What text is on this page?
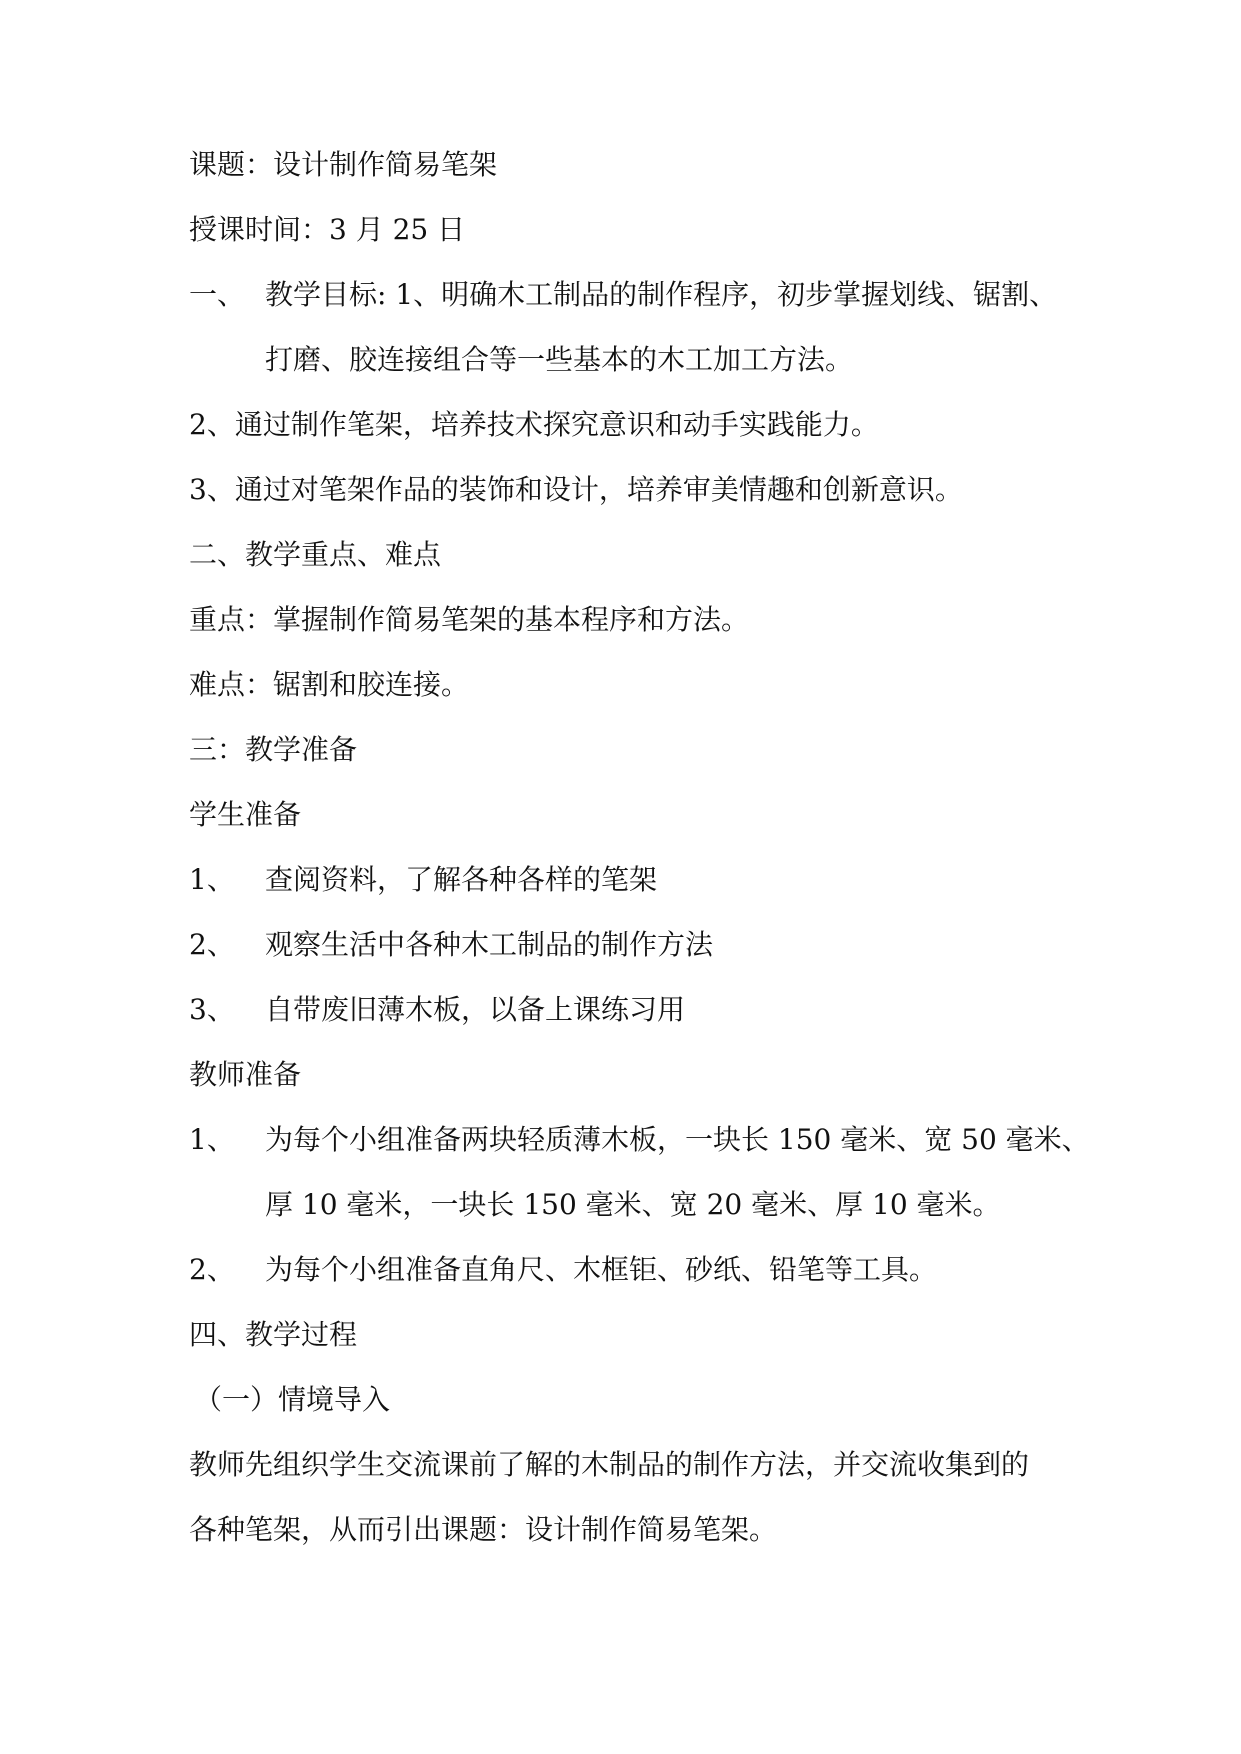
课题：设计制作简易笔架
授课时间：3 月 25 日
一、 教学目标: 1、明确木工制品的制作程序，初步掌握划线、锯割、
打磨、胶连接组合等一些基本的木工加工方法。
2、通过制作笔架，培养技术探究意识和动手实践能力。
3、通过对笔架作品的装饰和设计，培养审美情趣和创新意识。
二、教学重点、难点
重点：掌握制作简易笔架的基本程序和方法。
难点：锯割和胶连接。
三：教学准备
学生准备
1、 查阅资料，了解各种各样的笔架
2、 观察生活中各种木工制品的制作方法
3、 自带废旧薄木板，以备上课练习用
教师准备
1、 为每个小组准备两块轻质薄木板，一块长 150 毫米、宽 50 毫米、
厚 10 毫米，一块长 150 毫米、宽 20 毫米、厚 10 毫米。
2、 为每个小组准备直角尺、木框钜、砂纸、铅笔等工具。
四、教学过程
（一）情境导入
教师先组织学生交流课前了解的木制品的制作方法，并交流收集到的
各种笔架，从而引出课题：设计制作简易笔架。
